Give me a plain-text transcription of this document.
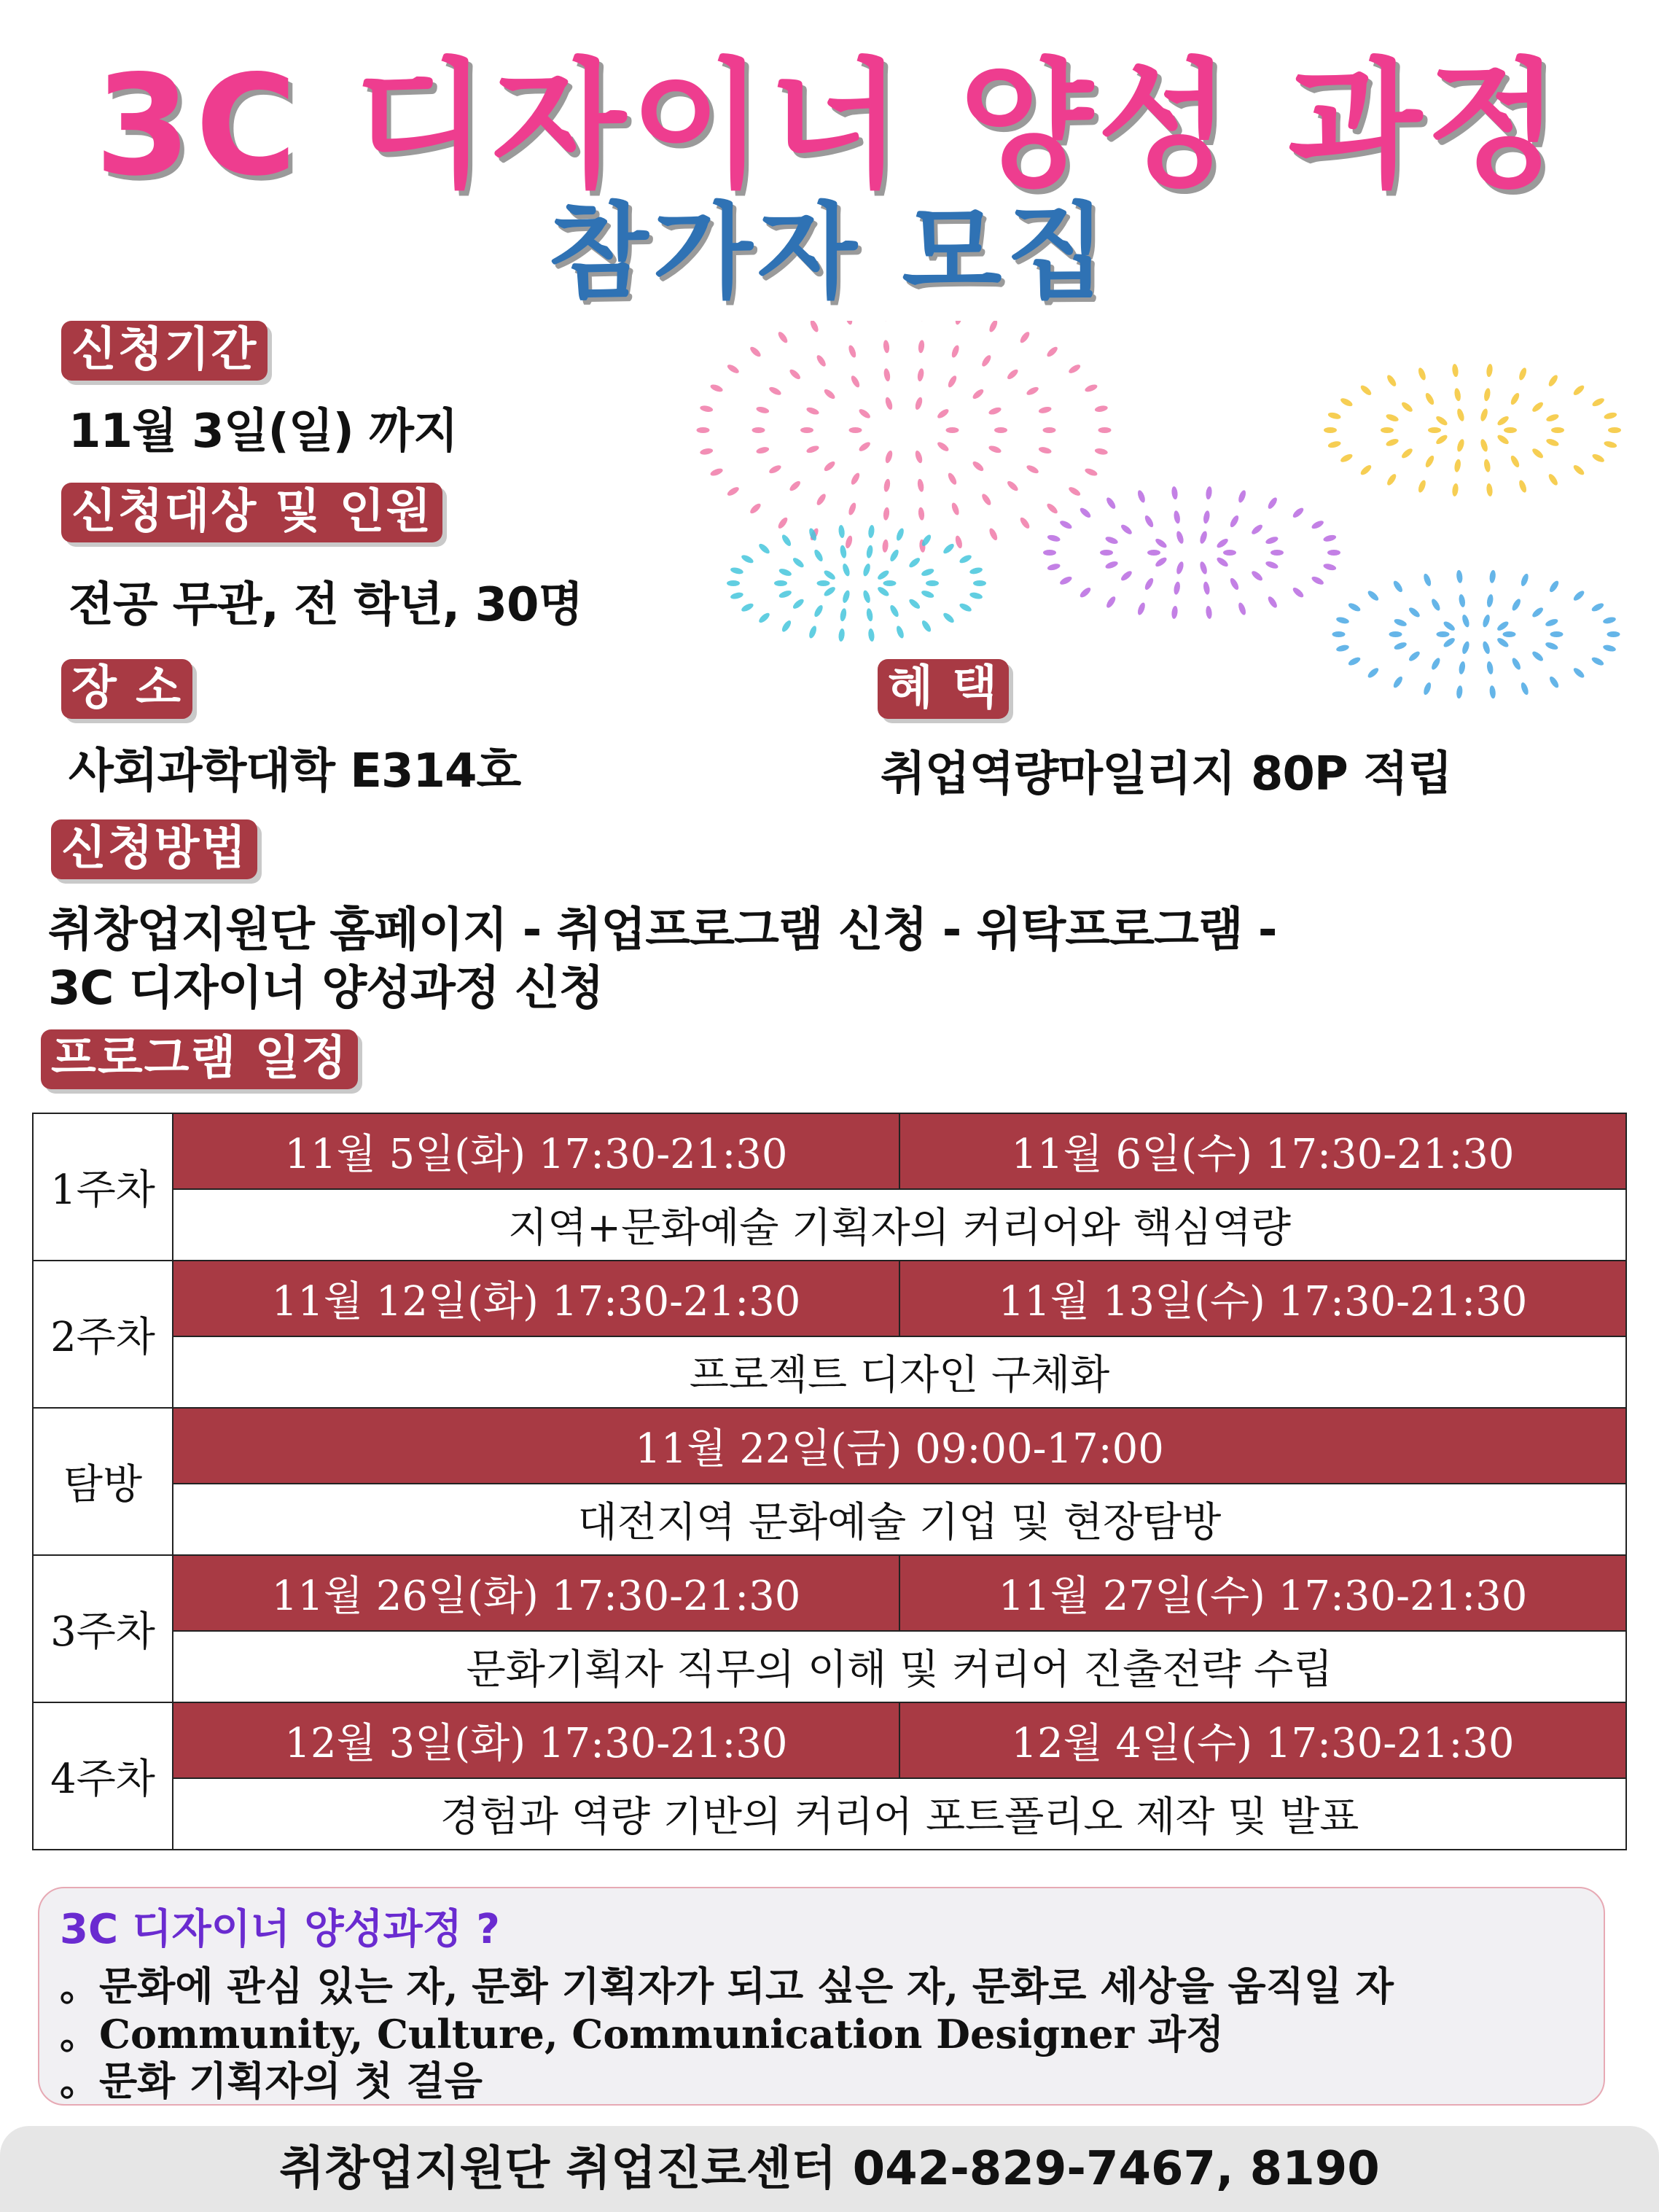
3C 디자이너 양성 과정
참가자 모집
신청기간
11월 3일(일) 까지
신청대상 및 인원
전공 무관, 전 학년, 30명
장 소
사회과학대학 E314호
혜 택
취업역량마일리지 80P 적립
신청방법
취창업지원단 홈페이지 - 취업프로그램 신청 - 위탁프로그램 -
3C 디자이너 양성과정 신청
프로그램 일정
1주차	11월 5일(화) 17:30-21:30	11월 6일(수) 17:30-21:30
	지역+문화예술 기획자의 커리어와 핵심역량	
2주차	11월 12일(화) 17:30-21:30	11월 13일(수) 17:30-21:30
	프로젝트 디자인 구체화	
탐방	11월 22일(금) 09:00-17:00	
	대전지역 문화예술 기업 및 현장탐방	
3주차	11월 26일(화) 17:30-21:30	11월 27일(수) 17:30-21:30
	문화기획자 직무의 이해 및 커리어 진출전략 수립	
4주차	12월 3일(화) 17:30-21:30	12월 4일(수) 17:30-21:30
	경험과 역량 기반의 커리어 포트폴리오 제작 및 발표	
3C 디자이너 양성과정 ?
。문화에 관심 있는 자, 문화 기획자가 되고 싶은 자, 문화로 세상을 움직일 자
。Community, Culture, Communication Designer 과정
。문화 기획자의 첫 걸음
취창업지원단 취업진로센터 042-829-7467, 8190
